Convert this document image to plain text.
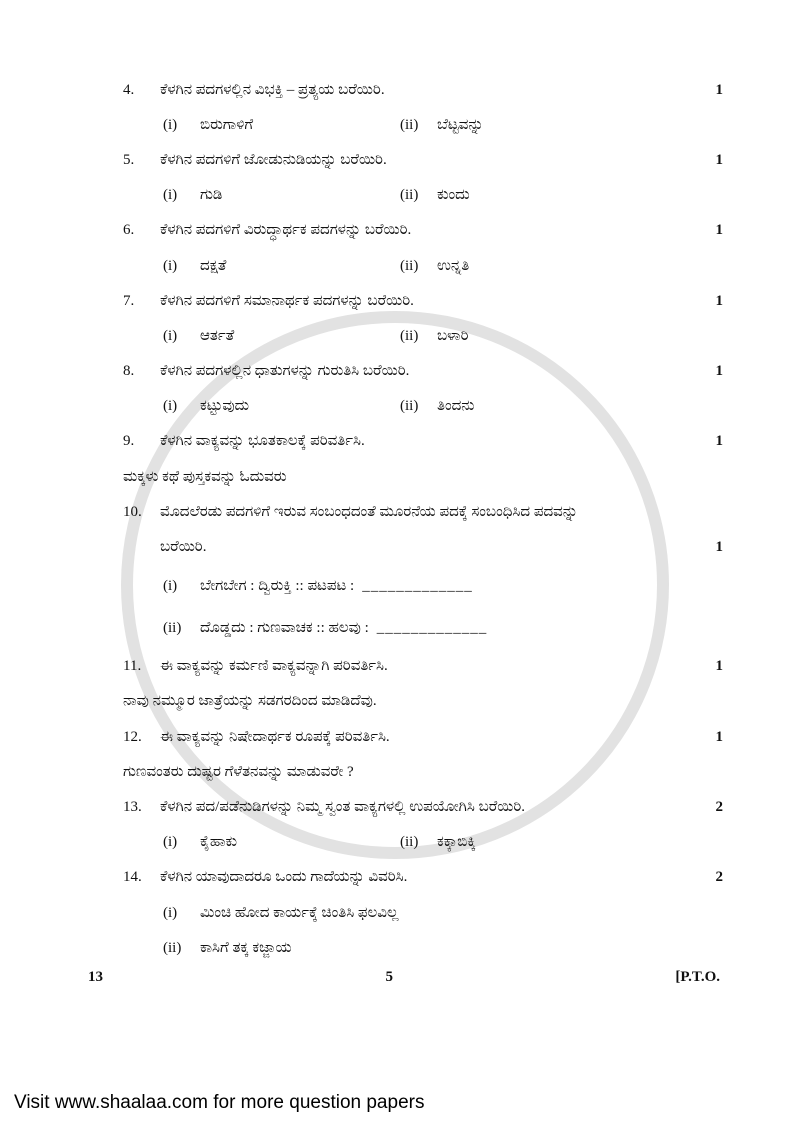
4.	ಕೆಳಗಿನ ಪದಗಳಲ್ಲಿನ ವಿಭಕ್ತಿ – ಪ್ರತ್ಯಯ ಬರೆಯಿರಿ.	1
(i)	ಬಿರುಗಾಳಿಗೆ	(ii)	ಬೆಟ್ಟವನ್ನು
5.	ಕೆಳಗಿನ ಪದಗಳಿಗೆ ಜೋಡುನುಡಿಯನ್ನು ಬರೆಯಿರಿ.	1
(i)	ಗುಡಿ	(ii)	ಕುಂದು
6.	ಕೆಳಗಿನ ಪದಗಳಿಗೆ ವಿರುದ್ಧಾರ್ಥಕ ಪದಗಳನ್ನು ಬರೆಯಿರಿ.	1
(i)	ದಕ್ಷತೆ	(ii)	ಉನ್ನತಿ
7.	ಕೆಳಗಿನ ಪದಗಳಿಗೆ ಸಮಾನಾರ್ಥಕ ಪದಗಳನ್ನು ಬರೆಯಿರಿ.	1
(i)	ಆರ್ತತೆ	(ii)	ಬಳಾರಿ
8.	ಕೆಳಗಿನ ಪದಗಳಲ್ಲಿನ ಧಾತುಗಳನ್ನು ಗುರುತಿಸಿ ಬರೆಯಿರಿ.	1
(i)	ಕಟ್ಟುವುದು	(ii)	ತಿಂದನು
9.	ಕೆಳಗಿನ ವಾಕ್ಯವನ್ನು ಭೂತಕಾಲಕ್ಕೆ ಪರಿವರ್ತಿಸಿ.	1
ಮಕ್ಕಳು ಕಥೆ ಪುಸ್ತಕವನ್ನು ಓದುವರು
10.	ಮೊದಲೆರಡು ಪದಗಳಿಗೆ ಇರುವ ಸಂಬಂಧದಂತೆ ಮೂರನೆಯ ಪದಕ್ಕೆ ಸಂಬಂಧಿಸಿದ ಪದವನ್ನು
ಬರೆಯಿರಿ.	1
(i)	ಬೇಗಬೇಗ : ದ್ವಿರುಕ್ತಿ :: ಪಟಪಟ : _____________
(ii)	ದೊಡ್ಡದು : ಗುಣವಾಚಕ :: ಹಲವು : _____________
11.	ಈ ವಾಕ್ಯವನ್ನು ಕರ್ಮಣಿ ವಾಕ್ಯವನ್ನಾಗಿ ಪರಿವರ್ತಿಸಿ.	1
ನಾವು ನಮ್ಮೂರ ಜಾತ್ರೆಯನ್ನು ಸಡಗರದಿಂದ ಮಾಡಿದೆವು.
12.	ಈ ವಾಕ್ಯವನ್ನು ನಿಷೇದಾರ್ಥಕ ರೂಪಕ್ಕೆ ಪರಿವರ್ತಿಸಿ.	1
ಗುಣವಂತರು ದುಷ್ಟರ ಗೆಳೆತನವನ್ನು ಮಾಡುವರೇ ?
13.	ಕೆಳಗಿನ ಪದ/ಪಡೆನುಡಿಗಳನ್ನು ನಿಮ್ಮ ಸ್ವಂತ ವಾಕ್ಯಗಳಲ್ಲಿ ಉಪಯೋಗಿಸಿ ಬರೆಯಿರಿ.	2
(i)	ಕೈಹಾಕು	(ii)	ಕಕ್ಕಾಬಿಕ್ಕಿ
14.	ಕೆಳಗಿನ ಯಾವುದಾದರೂ ಒಂದು ಗಾದೆಯನ್ನು ವಿವರಿಸಿ.	2
(i)	ಮಿಂಚಿ ಹೋದ ಕಾರ್ಯಕ್ಕೆ ಚಿಂತಿಸಿ ಫಲವಿಲ್ಲ
(ii)	ಕಾಸಿಗೆ ತಕ್ಕ ಕಜ್ಜಾಯ
13	5	[P.T.O.
Visit www.shaalaa.com for more question papers
